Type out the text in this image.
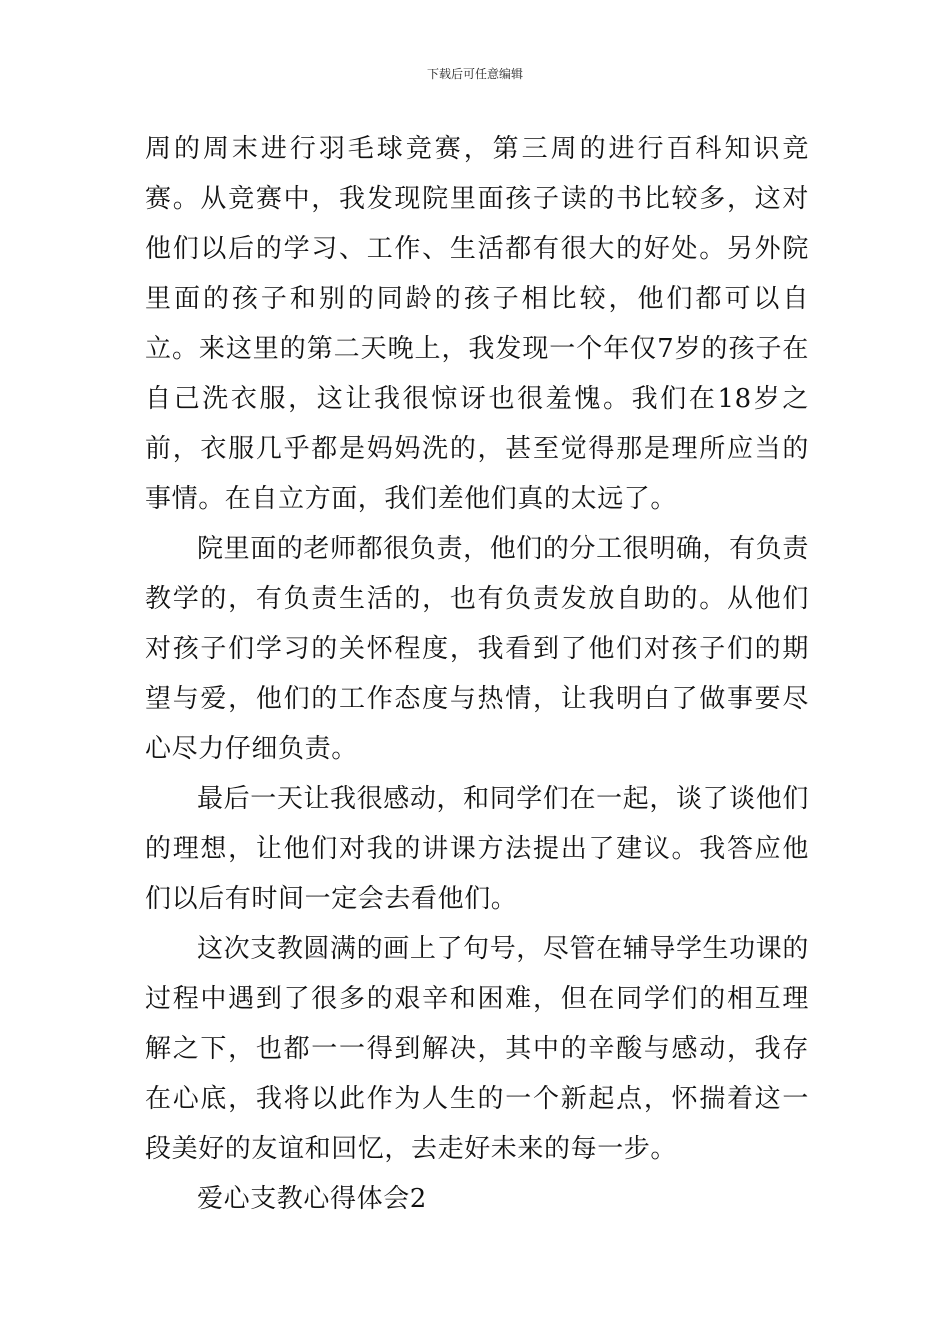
下载后可任意编辑

周的周末进行羽毛球竞赛，第三周的进行百科知识竞赛。从竞赛中，我发现院里面孩子读的书比较多，这对他们以后的学习、工作、生活都有很大的好处。另外院里面的孩子和别的同龄的孩子相比较，他们都可以自立。来这里的第二天晚上，我发现一个年仅7岁的孩子在自己洗衣服，这让我很惊讶也很羞愧。我们在18岁之前，衣服几乎都是妈妈洗的，甚至觉得那是理所应当的事情。在自立方面，我们差他们真的太远了。

院里面的老师都很负责，他们的分工很明确，有负责教学的，有负责生活的，也有负责发放自助的。从他们对孩子们学习的关怀程度，我看到了他们对孩子们的期望与爱，他们的工作态度与热情，让我明白了做事要尽心尽力仔细负责。

最后一天让我很感动，和同学们在一起，谈了谈他们的理想，让他们对我的讲课方法提出了建议。我答应他们以后有时间一定会去看他们。

这次支教圆满的画上了句号，尽管在辅导学生功课的过程中遇到了很多的艰辛和困难，但在同学们的相互理解之下，也都一一得到解决，其中的辛酸与感动，我存在心底，我将以此作为人生的一个新起点，怀揣着这一段美好的友谊和回忆，去走好未来的每一步。

爱心支教心得体会2
